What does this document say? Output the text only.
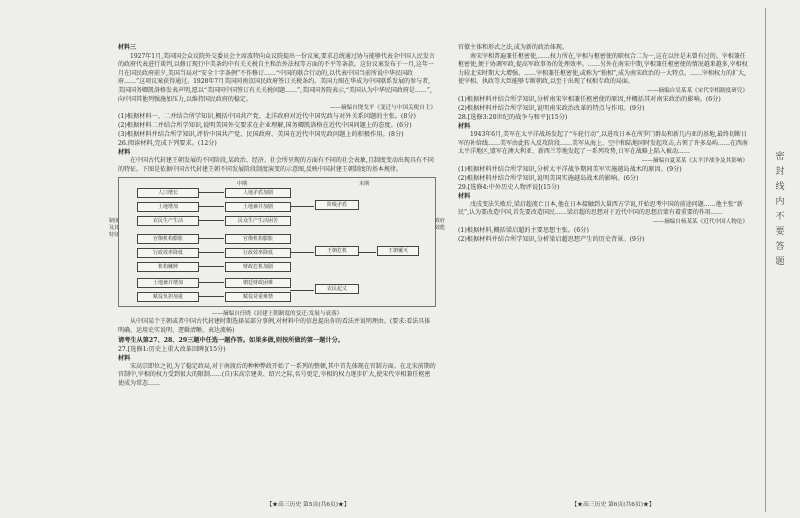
材料三

1927年1月,美国国会众议院外交委员会主席波特向众议院提出一份议案,要求总统通过协与能够代表全中国人民发言的政府代表进行谈判,以修订现行中美条约中有关关税自主和治外法权等方面的不平等条款。这份议案发布于一月,这年一月在国民政府前夕,美国当局对“安全十字条例”不作修订……“中国的联合行动的,以代表中国当前所说中华民国政府……”这项议案获得通过。1928年7月美国同南京国民政府签订关税条约。美国力图在华成为中国联系发展的参与者,美国国务卿凯洛格发表声明,愿以“美国同中国签订有关关税问题……”,美国国务院表示,“美国认为中华民国政府是……”,向中国其他列强施加压力,以维持国民政府的稳定。

——摘编自饶戈平《变迁与中国关税自主》

(1)根据材料一、二并结合所学知识,概括中国共产党、北洋政府对近代中国宪政与对外关系问题的主张。(8分)

(2)根据材料二并结合所学知识,说明美国外交要求在企业理解,国务卿凯洛格在近代中国问题上的态度。(6分)

(3)根据材料并结合所学知识,评价中国共产党、民国政府、美国在近代中国宪政问题上的积极作用。(8分)

26.阅读材料,完成下列要求。(12分)

材料

在中国古代封建王朝发展的不同阶段,某政治、经济、社会所呈现的方面有不同的社会表象,且制度变动出现具有不同的特征。下图是依据中国古代封建王朝不同发展阶段制度演变的示意图,反映中国封建王朝制度的基本规律。

中期	末期
制度及其特征
政府效能
人口增长
土地增加
农民生产生活
官僚机构膨胀
行政效率降低
机构臃肿
土地兼并增加
赋役负担加重
人地矛盾加剧
土地兼并加剧
民众生产生活困苦
官僚机构膨胀
行政效率降低
财政危机加剧
朝廷财政困难
赋役苛重难禁
阶级矛盾
王朝危机
农民起义
王朝覆灭

——摘编自任晓《封建王朝制度的变迁:发展与衰落》

从中国某个王朝或者中国古代封建时期选择某部分事例,对材料中的信息提出你的看法并说明理由。(要求:看法具体明确、运用史实说明、逻辑清晰、表达流畅)

请考生从第27、28、29三题中任选一题作答。如果多做,则按所做的第一题计分。

27.[选修1:历史上重大改革回眸](15分)

材料

宋高宗即位之初,为了稳定政局,对于南渡后的种种弊政开始了一系列的整顿,其中首先体现在官制方面。在北宋前期的官制中,宰相的权力受到很大的限制……(自)宋高宗建炎、绍兴之际,名号更定,宰相的权力逐步扩大,使宋代宰相兼任枢密使成为常态……

【★高三历史 第5页(共6页)★】

官僚主体和形式之法,成为新的政治体现。

南宋宰相普遍兼任枢密使,……权力所在,宰相与枢密使的职权合二为一,这在以往是未曾有过的。宰相兼任枢密使,便于协调军政,提高军政事务的处理效率。……另外在南宋中期,宰相兼任枢密使的情况越来越多,宰相权力较北宋时期大大增强。……宰相兼任枢密使,或称为“独相”,成为南宋政治的一大特点。……宰相权力的扩大,使宰相、执政等大臣能够专断朝政,以至于出现了权相专政的局面。

——摘编自吴某某《宋代宰相制度研究》

(1)根据材料并结合所学知识,分析南宋宰相兼任枢密使的原因,并概括其对南宋政治的影响。(6分)

(2)根据材料并结合所学知识,说明南宋政治改革的特点与作用。(9分)

28.[选修3:20世纪的战争与和平](15分)

材料

1943年6月,美军在太平洋战场发起了“车轮行动”,以进攻日本在所罗门群岛和新几内亚的基地,最终切断日军的补给线……美军由此转入反攻阶段……美军从海上、空中和陆地同时发起攻击,占领了许多岛屿……在西南太平洋地区,盟军在澳大利亚、新西兰等地发起了一系列攻势,日军在战略上陷入被动……

——摘编自夏某某《太平洋战争及其影响》

(1)根据材料并结合所学知识,分析太平洋战争期间美军实施越岛战术的原因。(9分)

(2)根据材料并结合所学知识,说明美国实施越岛战术的影响。(6分)

29.[选修4:中外历史人物评说](15分)

材料

戊戌变法失败后,梁启超流亡日本,他在日本接触到大量西方学说,开始思考中国的前途问题……他主张“新民”,认为要改造中国,首先要改造国民……梁启超的思想对于近代中国的思想启蒙有着重要的作用……

——摘编自杨某某《近代中国人物论》

(1)根据材料,概括梁启超的主要思想主张。(6分)

(2)根据材料并结合所学知识,分析梁启超思想产生的历史背景。(9分)

【★高三历史 第6页(共6页)★】
密
封
线
内
不
要
答
题
